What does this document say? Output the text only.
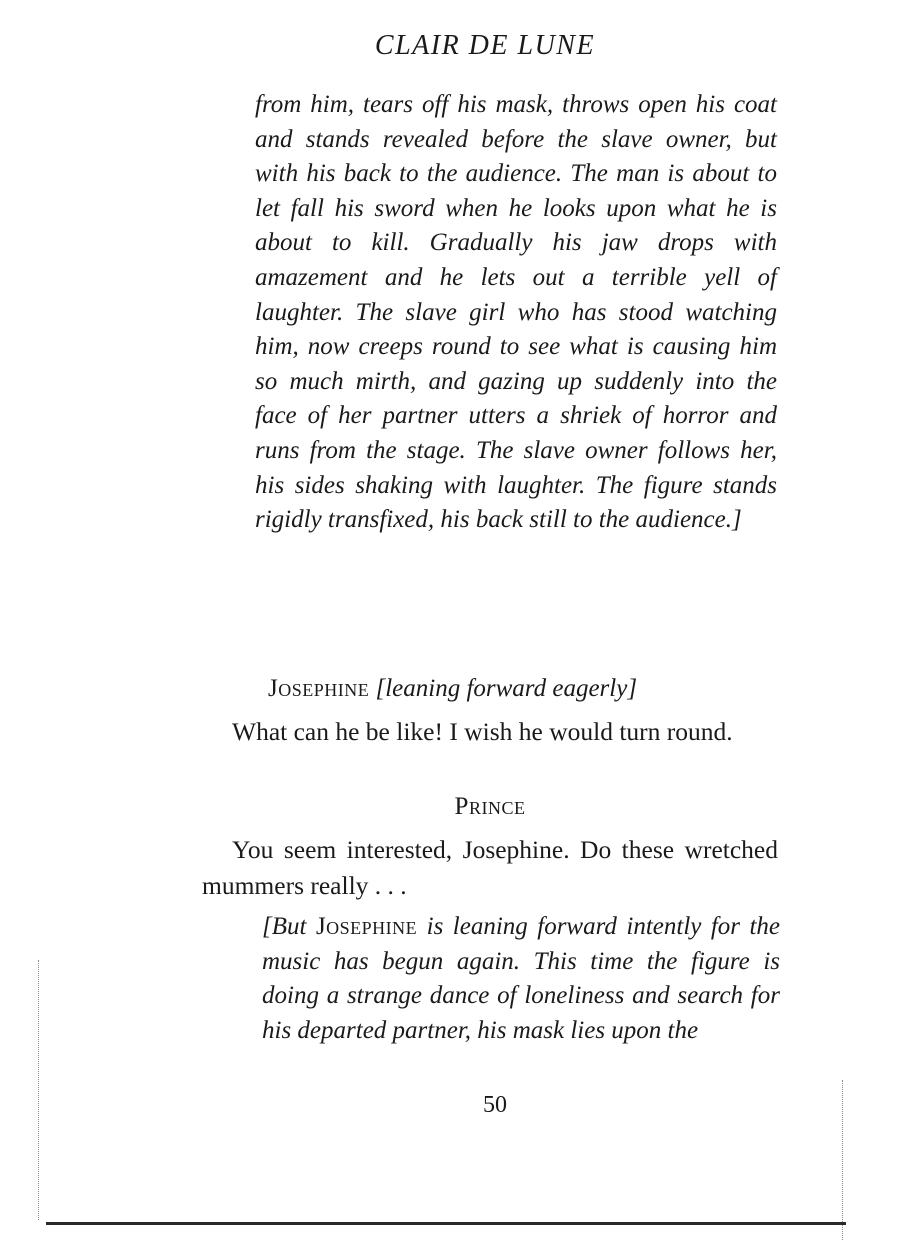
CLAIR DE LUNE
from him, tears off his mask, throws open his coat and stands revealed before the slave owner, but with his back to the audience. The man is about to let fall his sword when he looks upon what he is about to kill. Gradually his jaw drops with amazement and he lets out a terrible yell of laughter. The slave girl who has stood watching him, now creeps round to see what is causing him so much mirth, and gazing up suddenly into the face of her partner utters a shriek of horror and runs from the stage. The slave owner follows her, his sides shaking with laughter. The figure stands rigidly transfixed, his back still to the audience.]
Josephine [leaning forward eagerly]
What can he be like! I wish he would turn round.
Prince
You seem interested, Josephine. Do these wretched mummers really . . .
[But Josephine is leaning forward intently for the music has begun again. This time the figure is doing a strange dance of loneliness and search for his departed partner, his mask lies upon the
50
